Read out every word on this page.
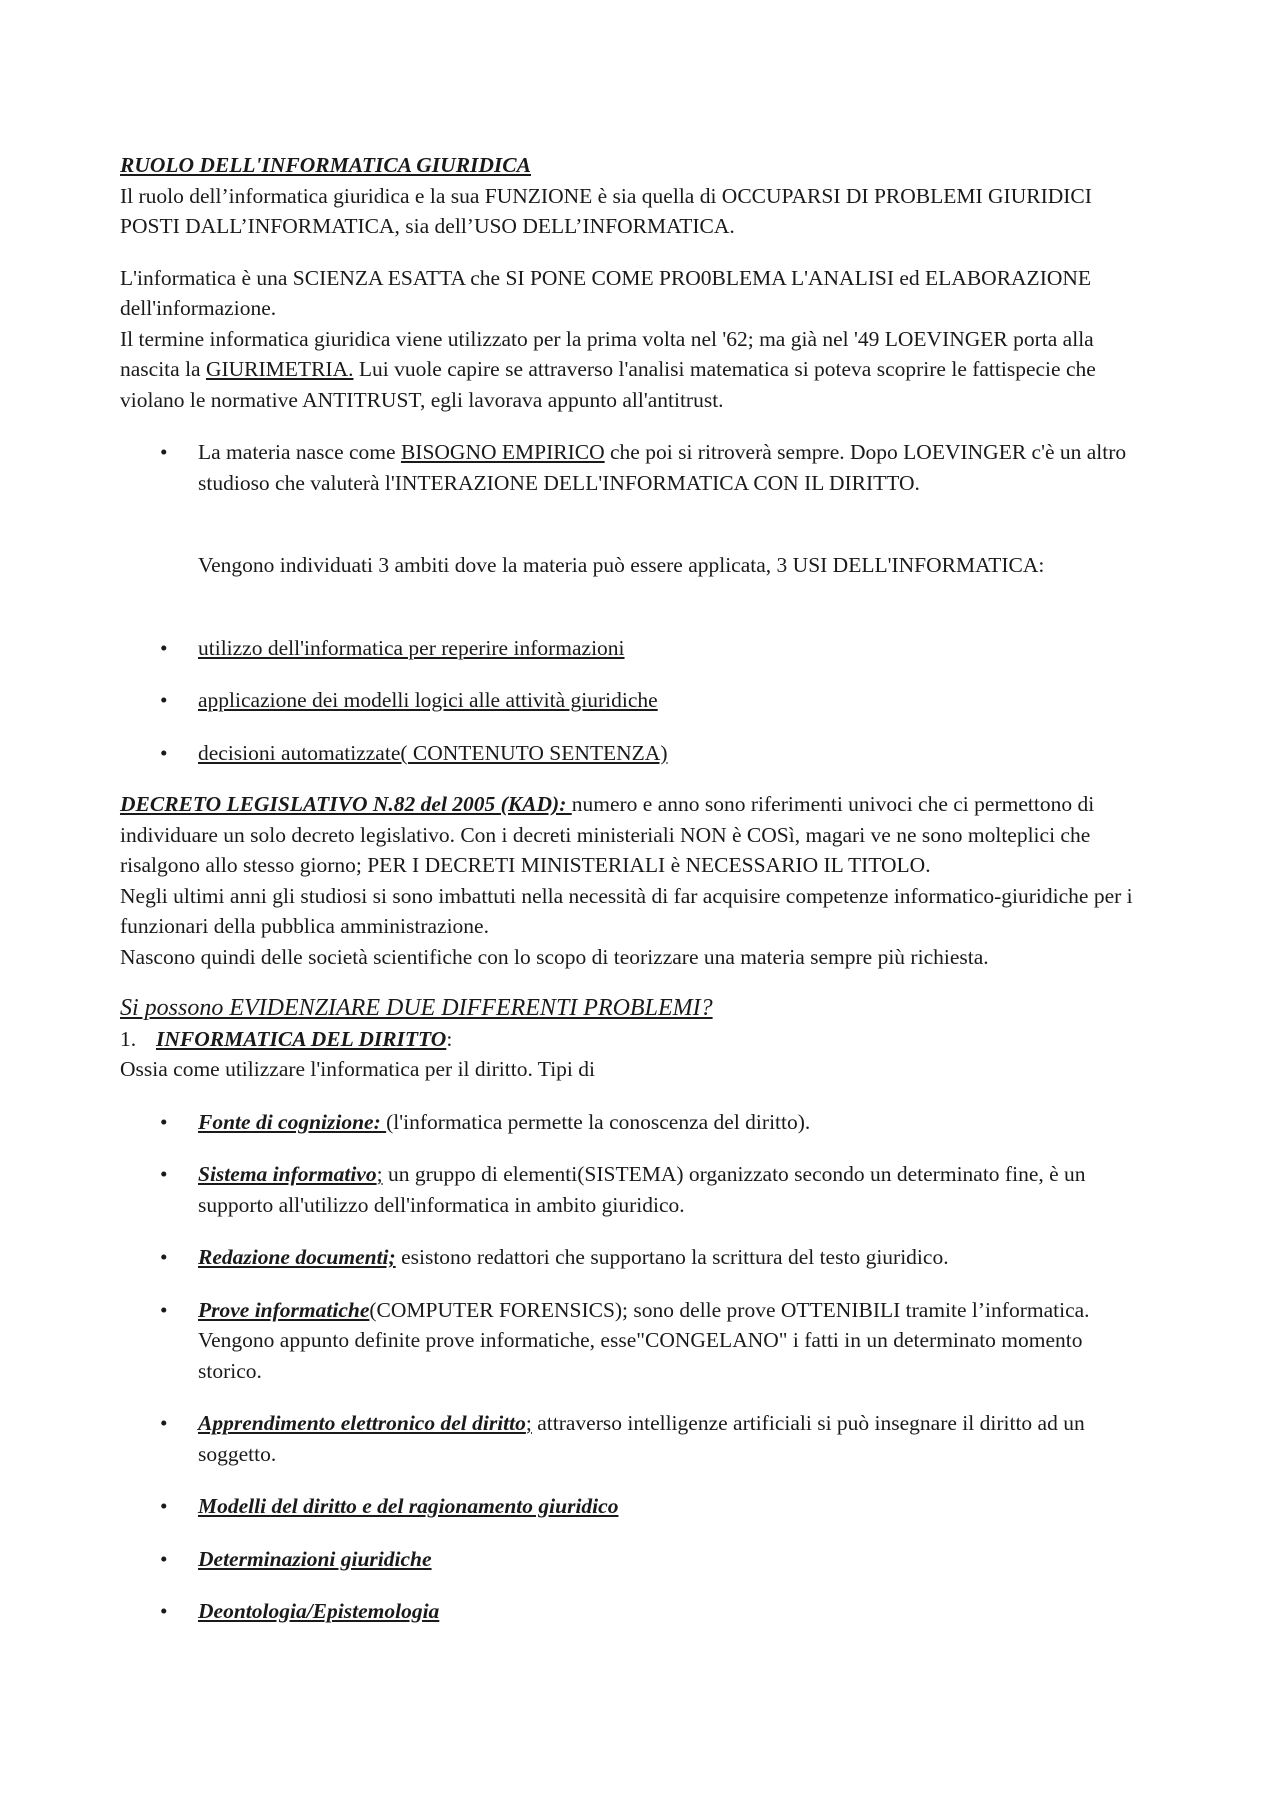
RUOLO DELL'INFORMATICA GIURIDICA

Il ruolo dell’informatica giuridica e la sua FUNZIONE è sia quella di OCCUPARSI DI PROBLEMI GIURIDICI POSTI DALL’INFORMATICA, sia dell’USO DELL’INFORMATICA.

L'informatica è una SCIENZA ESATTA che SI PONE COME PRO0BLEMA L'ANALISI ed ELABORAZIONE dell'informazione.

Il termine informatica giuridica viene utilizzato per la prima volta nel '62; ma già nel '49 LOEVINGER porta alla nascita la GIURIMETRIA. Lui vuole capire se attraverso l'analisi matematica si poteva scoprire le fattispecie che violano le normative ANTITRUST, egli lavorava appunto all'antitrust.

• La materia nasce come BISOGNO EMPIRICO che poi si ritroverà sempre. Dopo LOEVINGER c'è un altro studioso che valuterà l'INTERAZIONE DELL'INFORMATICA CON IL DIRITTO.

Vengono individuati 3 ambiti dove la materia può essere applicata, 3 USI DELL'INFORMATICA:

• utilizzo dell'informatica per reperire informazioni
• applicazione dei modelli logici alle attività giuridiche
• decisioni automatizzate( CONTENUTO SENTENZA)

DECRETO LEGISLATIVO N.82 del 2005 (KAD): numero e anno sono riferimenti univoci che ci permettono di individuare un solo decreto legislativo. Con i decreti ministeriali NON è COSì, magari ve ne sono molteplici che risalgono allo stesso giorno; PER I DECRETI MINISTERIALI è NECESSARIO IL TITOLO.

Negli ultimi anni gli studiosi si sono imbattuti nella necessità di far acquisire competenze informatico-giuridiche per i funzionari della pubblica amministrazione.

Nascono quindi delle società scientifiche con lo scopo di teorizzare una materia sempre più richiesta.

Si possono EVIDENZIARE DUE DIFFERENTI PROBLEMI?

1. INFORMATICA DEL DIRITTO:

Ossia come utilizzare l'informatica per il diritto. Tipi di

• Fonte di cognizione: (l'informatica permette la conoscenza del diritto).
• Sistema informativo; un gruppo di elementi(SISTEMA) organizzato secondo un determinato fine, è un supporto all'utilizzo dell'informatica in ambito giuridico.
• Redazione documenti; esistono redattori che supportano la scrittura del testo giuridico.
• Prove informatiche(COMPUTER FORENSICS); sono delle prove OTTENIBILI tramite l’informatica. Vengono appunto definite prove informatiche, esse"CONGELANO" i fatti in un determinato momento storico.
• Apprendimento elettronico del diritto; attraverso intelligenze artificiali si può insegnare il diritto ad un soggetto.
• Modelli del diritto e del ragionamento giuridico
• Determinazioni giuridiche
• Deontologia/Epistemologia
